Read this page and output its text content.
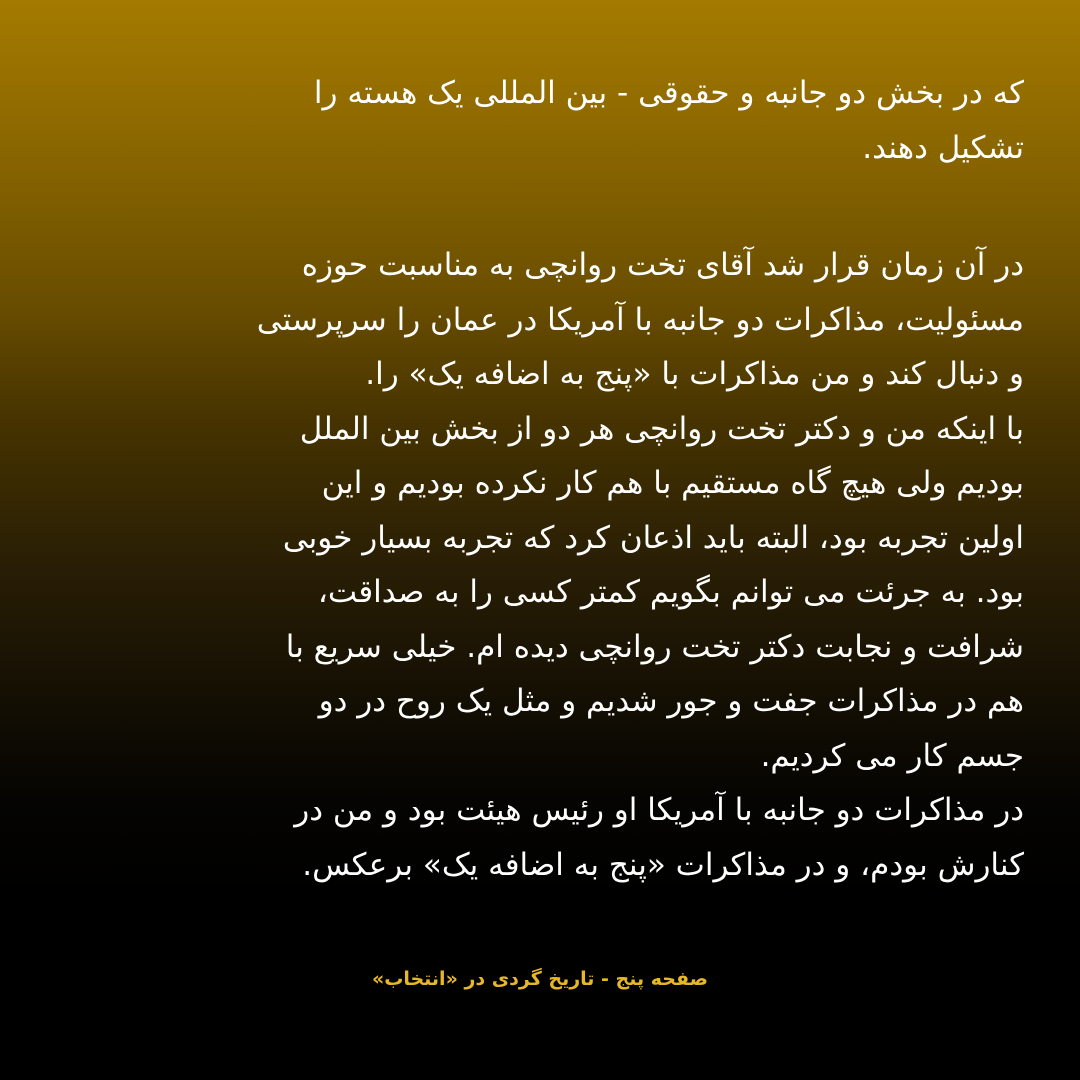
که در بخش دو جانبه و حقوقی - بین المللی یک هسته را
تشکیل دهند.
در آن زمان قرار شد آقای تخت روانچی به مناسبت حوزه
مسئولیت، مذاکرات دو جانبه با آمریکا در عمان را سرپرستی
و دنبال کند و من مذاکرات با «پنج به اضافه یک» را.
با اینکه من و دکتر تخت روانچی هر دو از بخش بین الملل
بودیم ولی هیچ گاه مستقیم با هم کار نکرده بودیم و این
اولین تجربه بود، البته باید اذعان کرد که تجربه بسیار خوبی
بود. به جرئت می توانم بگویم کمتر کسی را به صداقت،
شرافت و نجابت دکتر تخت روانچی دیده ام. خیلی سریع با
هم در مذاکرات جفت و جور شدیم و مثل یک روح در دو
جسم کار می کردیم.
در مذاکرات دو جانبه با آمریکا او رئیس هیئت بود و من در
کنارش بودم، و در مذاکرات «پنج به اضافه یک» برعکس.
صفحه پنج - تاریخ گردی در «انتخاب»
